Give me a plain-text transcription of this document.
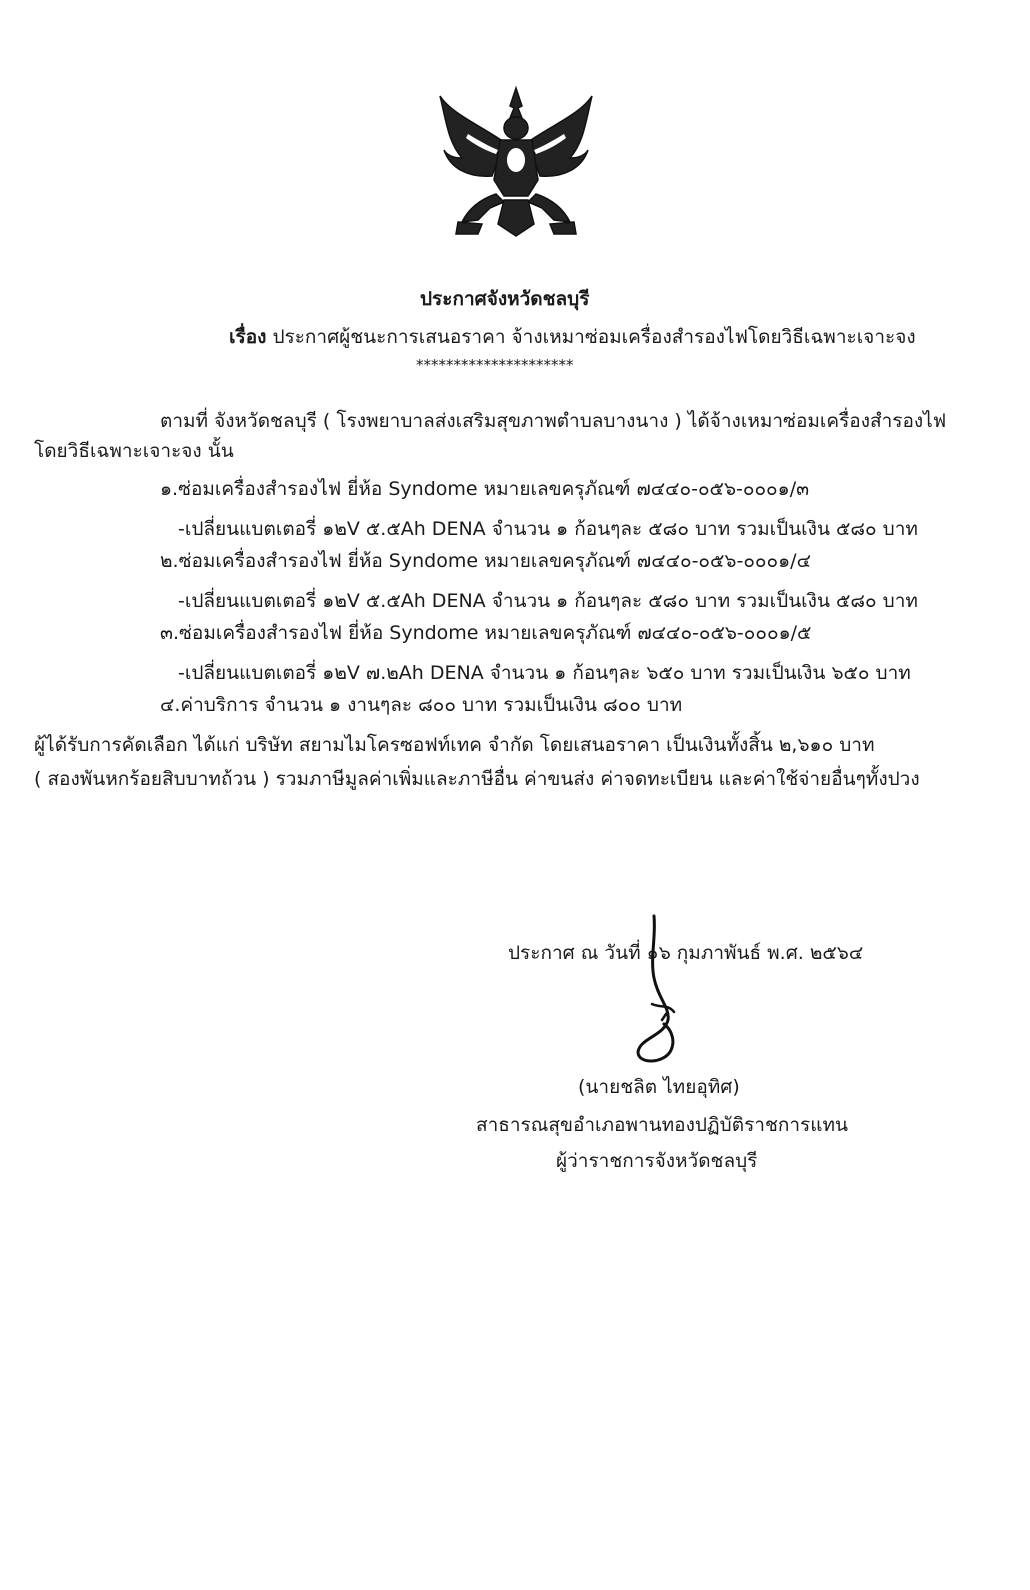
ประกาศจังหวัดชลบุรี
เรื่อง ประกาศผู้ชนะการเสนอราคา จ้างเหมาซ่อมเครื่องสำรองไฟโดยวิธีเฉพาะเจาะจง
*********************
ตามที่ จังหวัดชลบุรี ( โรงพยาบาลส่งเสริมสุขภาพตำบลบางนาง ) ได้จ้างเหมาซ่อมเครื่องสำรองไฟ
โดยวิธีเฉพาะเจาะจง นั้น
๑.ซ่อมเครื่องสำรองไฟ ยี่ห้อ Syndome หมายเลขครุภัณฑ์ ๗๔๔๐-๐๕๖-๐๐๐๑/๓
-เปลี่ยนแบตเตอรี่ ๑๒V ๕.๕Ah DENA จำนวน ๑ ก้อนๆละ ๕๘๐ บาท รวมเป็นเงิน ๕๘๐ บาท
๒.ซ่อมเครื่องสำรองไฟ ยี่ห้อ Syndome หมายเลขครุภัณฑ์ ๗๔๔๐-๐๕๖-๐๐๐๑/๔
-เปลี่ยนแบตเตอรี่ ๑๒V ๕.๕Ah DENA จำนวน ๑ ก้อนๆละ ๕๘๐ บาท รวมเป็นเงิน ๕๘๐ บาท
๓.ซ่อมเครื่องสำรองไฟ ยี่ห้อ Syndome หมายเลขครุภัณฑ์ ๗๔๔๐-๐๕๖-๐๐๐๑/๕
-เปลี่ยนแบตเตอรี่ ๑๒V ๗.๒Ah DENA จำนวน ๑ ก้อนๆละ ๖๕๐ บาท รวมเป็นเงิน ๖๕๐ บาท
๔.ค่าบริการ จำนวน ๑ งานๆละ ๘๐๐ บาท รวมเป็นเงิน ๘๐๐ บาท
ผู้ได้รับการคัดเลือก ได้แก่ บริษัท สยามไมโครซอฟท์เทค จำกัด โดยเสนอราคา เป็นเงินทั้งสิ้น ๒,๖๑๐ บาท
( สองพันหกร้อยสิบบาทถ้วน ) รวมภาษีมูลค่าเพิ่มและภาษีอื่น ค่าขนส่ง ค่าจดทะเบียน และค่าใช้จ่ายอื่นๆทั้งปวง
ประกาศ ณ วันที่ ๑๖ กุมภาพันธ์ พ.ศ. ๒๕๖๔
(นายชลิต ไทยอุทิศ)
สาธารณสุขอำเภอพานทองปฏิบัติราชการแทน
ผู้ว่าราชการจังหวัดชลบุรี
